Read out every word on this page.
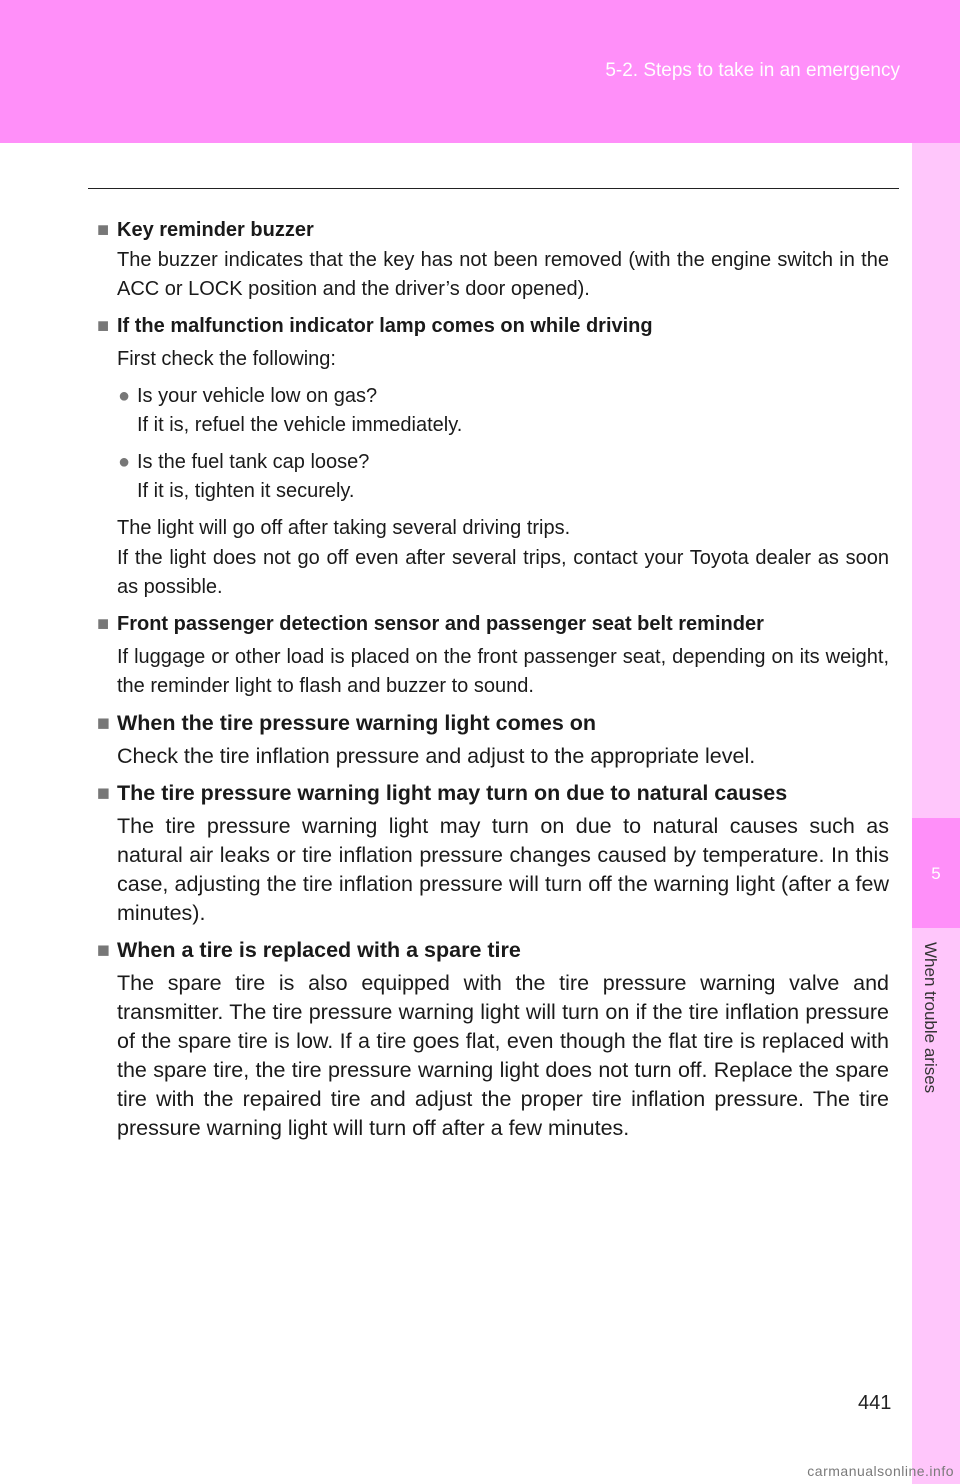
5-2. Steps to take in an emergency
5
When trouble arises
■ Key reminder buzzer
The buzzer indicates that the key has not been removed (with the engine switch in the ACC or LOCK position and the driver’s door opened).
■ If the malfunction indicator lamp comes on while driving
First check the following:
● Is your vehicle low on gas?
If it is, refuel the vehicle immediately.
● Is the fuel tank cap loose?
If it is, tighten it securely.
The light will go off after taking several driving trips.
If the light does not go off even after several trips, contact your Toyota dealer as soon as possible.
■ Front passenger detection sensor and passenger seat belt reminder
If luggage or other load is placed on the front passenger seat, depending on its weight, the reminder light to flash and buzzer to sound.
■ When the tire pressure warning light comes on
Check the tire inflation pressure and adjust to the appropriate level.
■ The tire pressure warning light may turn on due to natural causes
The tire pressure warning light may turn on due to natural causes such as natural air leaks or tire inflation pressure changes caused by temperature. In this case, adjusting the tire inflation pressure will turn off the warning light (after a few minutes).
■ When a tire is replaced with a spare tire
The spare tire is also equipped with the tire pressure warning valve and transmitter. The tire pressure warning light will turn on if the tire inflation pressure of the spare tire is low. If a tire goes flat, even though the flat tire is replaced with the spare tire, the tire pressure warning light does not turn off. Replace the spare tire with the repaired tire and adjust the proper tire inflation pressure. The tire pressure warning light will turn off after a few minutes.
441
carmanualsonline.info
